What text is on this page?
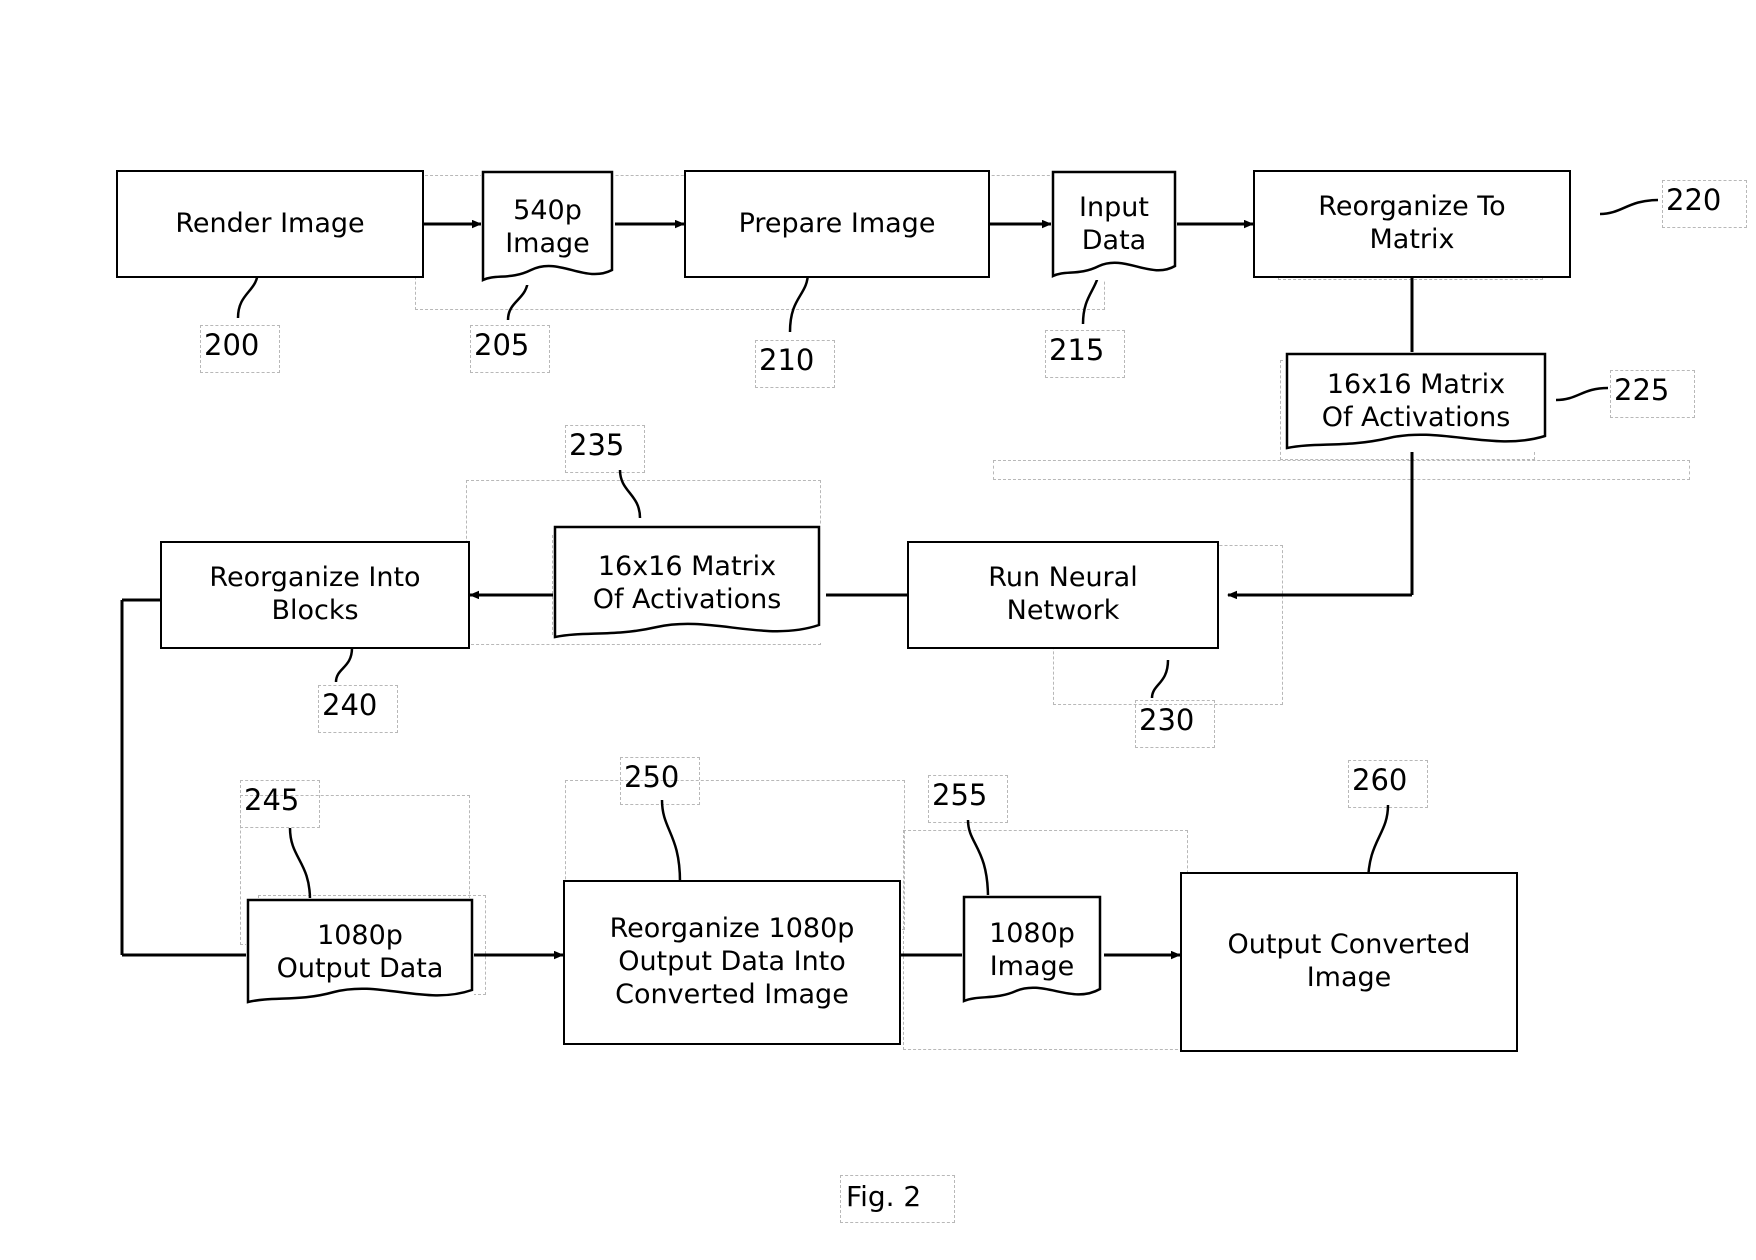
Render Image	540p
Image
Prepare Image	Input
Data
Reorganize To
Matrix
16x16 Matrix
Of Activations
Run Neural
Network
16x16 Matrix
Of Activations
Reorganize Into
Blocks
1080p
Output Data
Reorganize 1080p
Output Data Into
Converted Image
1080p
Image
Output Converted
Image
200	205	210	215
220
225
230
235
240
245
250
255	260
Fig. 2
